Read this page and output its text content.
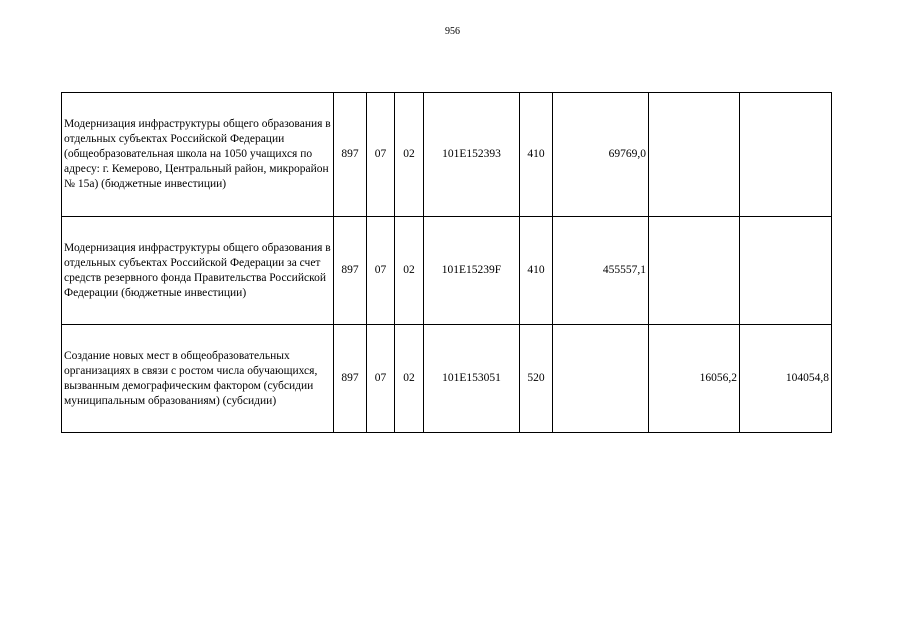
956
Модернизация инфраструктуры общего образования в отдельных субъектах Российской Федерации (общеобразовательная школа на 1050 учащихся по адресу: г. Кемерово, Центральный район, микрорайон № 15а) (бюджетные инвестиции)	897	07	02	101E152393	410	69769,0		
Модернизация инфраструктуры общего образования в отдельных субъектах Российской Федерации за счет средств резервного фонда Правительства Российской Федерации (бюджетные инвестиции)	897	07	02	101E15239F	410	455557,1		
Создание новых мест в общеобразовательных организациях в связи с ростом числа обучающихся, вызванным демографическим фактором (субсидии муниципальным образованиям) (субсидии)	897	07	02	101E153051	520		16056,2	104054,8
